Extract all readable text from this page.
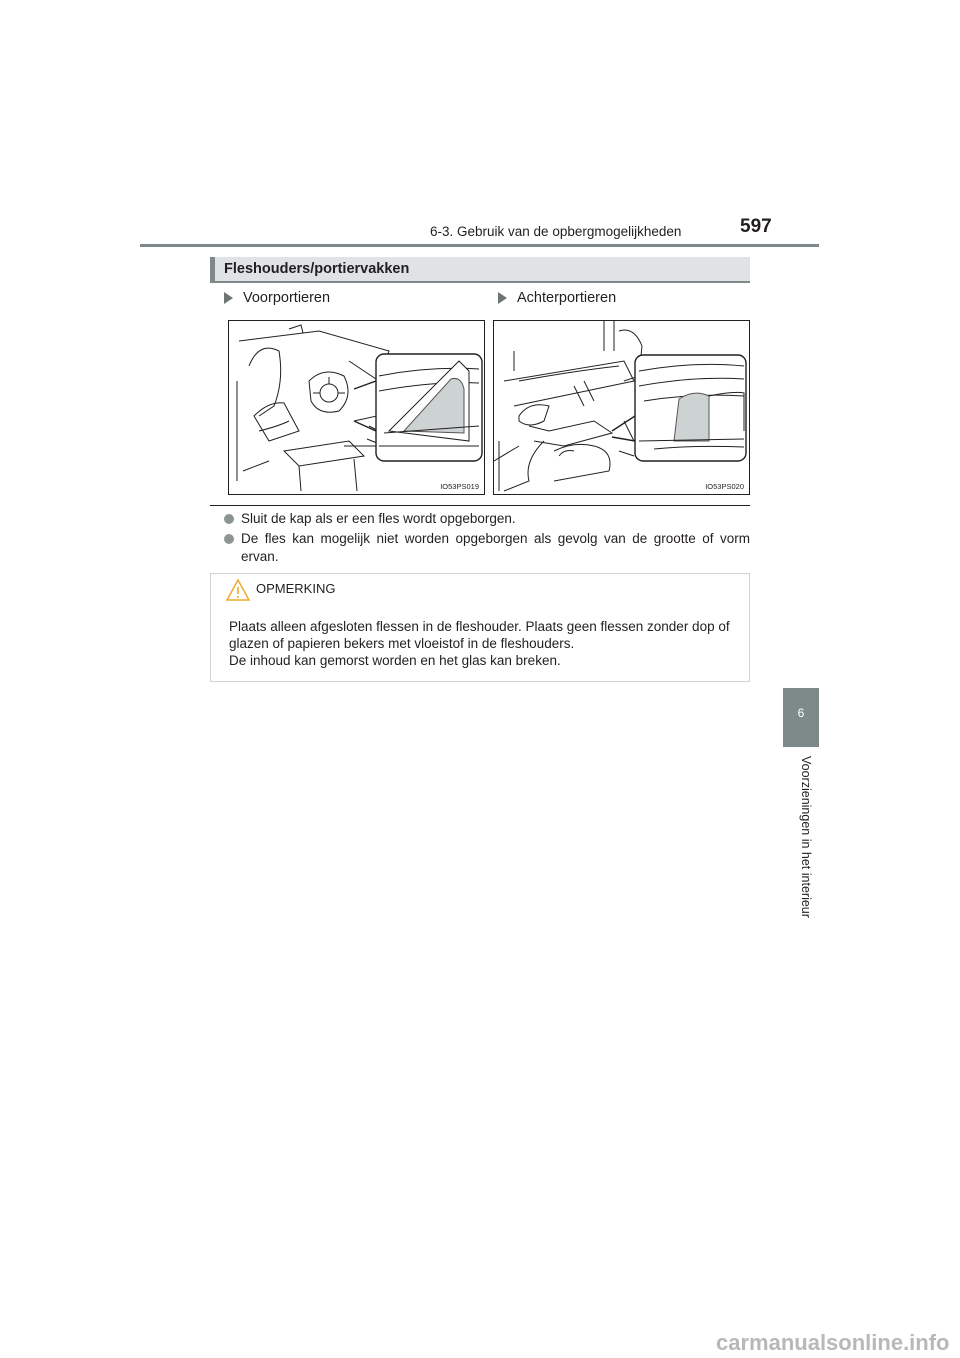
6-3. Gebruik van de opbergmogelijkheden	597
Fleshouders/portiervakken
Voorportieren	Achterportieren
IO53PS019	IO53PS020
Sluit de kap als er een fles wordt opgeborgen.
De fles kan mogelijk niet worden opgeborgen als gevolg van de grootte of vorm ervan.
OPMERKING

Plaats alleen afgesloten flessen in de fleshouder. Plaats geen flessen zonder dop of glazen of papieren bekers met vloeistof in de fleshouders.

De inhoud kan gemorst worden en het glas kan breken.

6
Voorzieningen in het interieur
carmanualsonline.info
